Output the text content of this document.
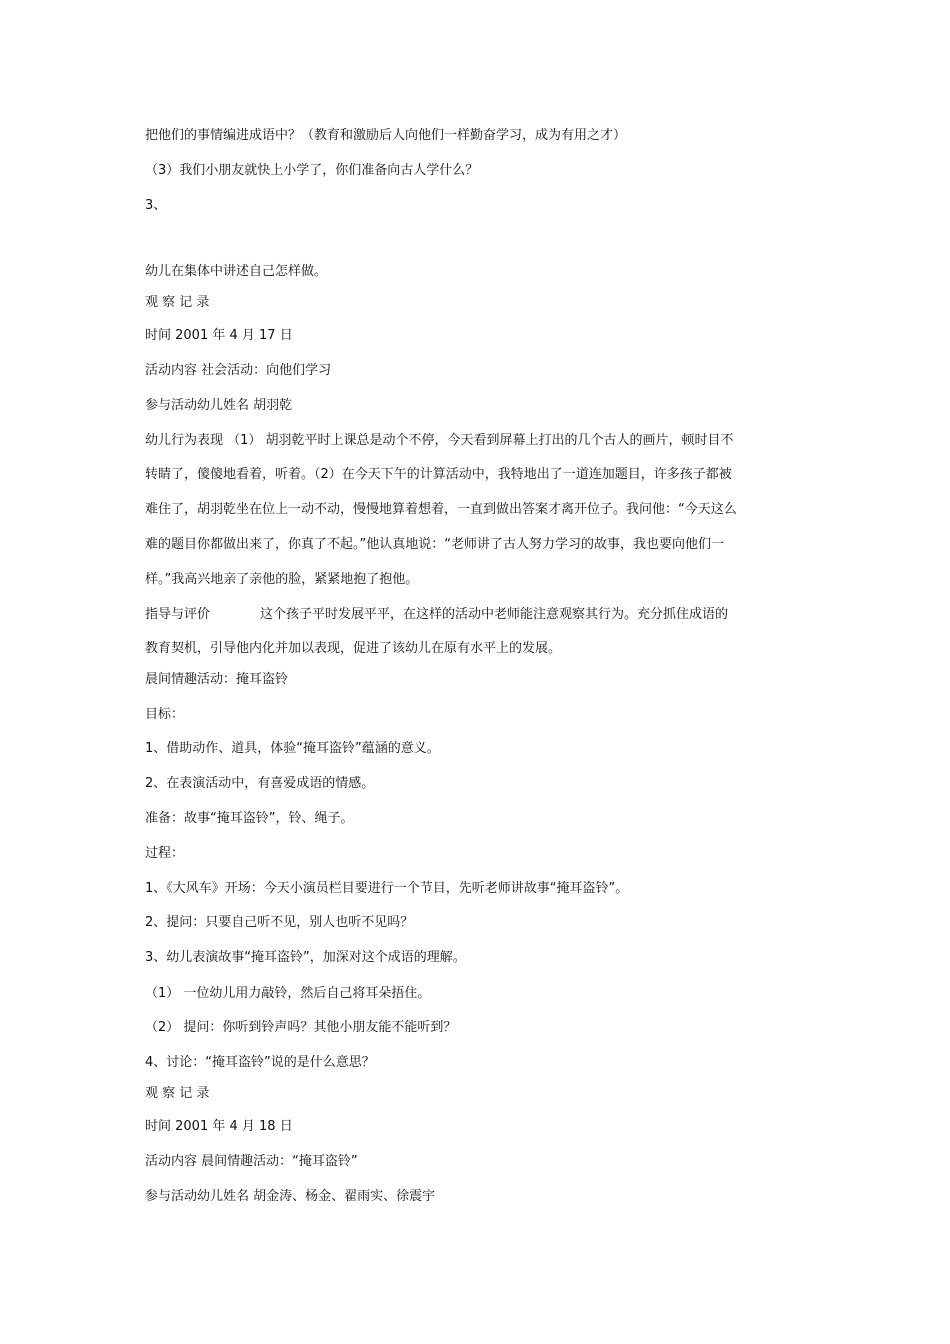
把他们的事情编进成语中？（教育和激励后人向他们一样勤奋学习，成为有用之才）
（3）我们小朋友就快上小学了，你们准备向古人学什么？
3、
幼儿在集体中讲述自己怎样做。
观 察 记 录
时间 2001 年 4 月 17 日
活动内容 社会活动：向他们学习
参与活动幼儿姓名 胡羽乾
幼儿行为表现 （1） 胡羽乾平时上课总是动个不停，今天看到屏幕上打出的几个古人的画片，顿时目不
转睛了，傻傻地看着，听着。（2）在今天下午的计算活动中，我特地出了一道连加题目，许多孩子都被
难住了，胡羽乾坐在位上一动不动，慢慢地算着想着，一直到做出答案才离开位子。我问他：“今天这么
难的题目你都做出来了，你真了不起。”他认真地说：“老师讲了古人努力学习的故事，我也要向他们一
样。”我高兴地亲了亲他的脸，紧紧地抱了抱他。
指导与评价	这个孩子平时发展平平，在这样的活动中老师能注意观察其行为。充分抓住成语的
教育契机，引导他内化并加以表现，促进了该幼儿在原有水平上的发展。
晨间情趣活动：掩耳盗铃
目标：
1、借助动作、道具，体验“掩耳盗铃”蕴涵的意义。
2、在表演活动中，有喜爱成语的情感。
准备：故事“掩耳盗铃”，铃、绳子。
过程：
1、《大风车》开场：今天小演员栏目要进行一个节目，先听老师讲故事“掩耳盗铃”。
2、提问：只要自己听不见，别人也听不见吗？
3、幼儿表演故事“掩耳盗铃”，加深对这个成语的理解。
（1） 一位幼儿用力敲铃，然后自己将耳朵捂住。
（2） 提问：你听到铃声吗？其他小朋友能不能听到？
4、讨论：“掩耳盗铃”说的是什么意思？
观 察 记 录
时间 2001 年 4 月 18 日
活动内容 晨间情趣活动：“掩耳盗铃”
参与活动幼儿姓名 胡金涛、杨金、翟雨实、徐震宇
